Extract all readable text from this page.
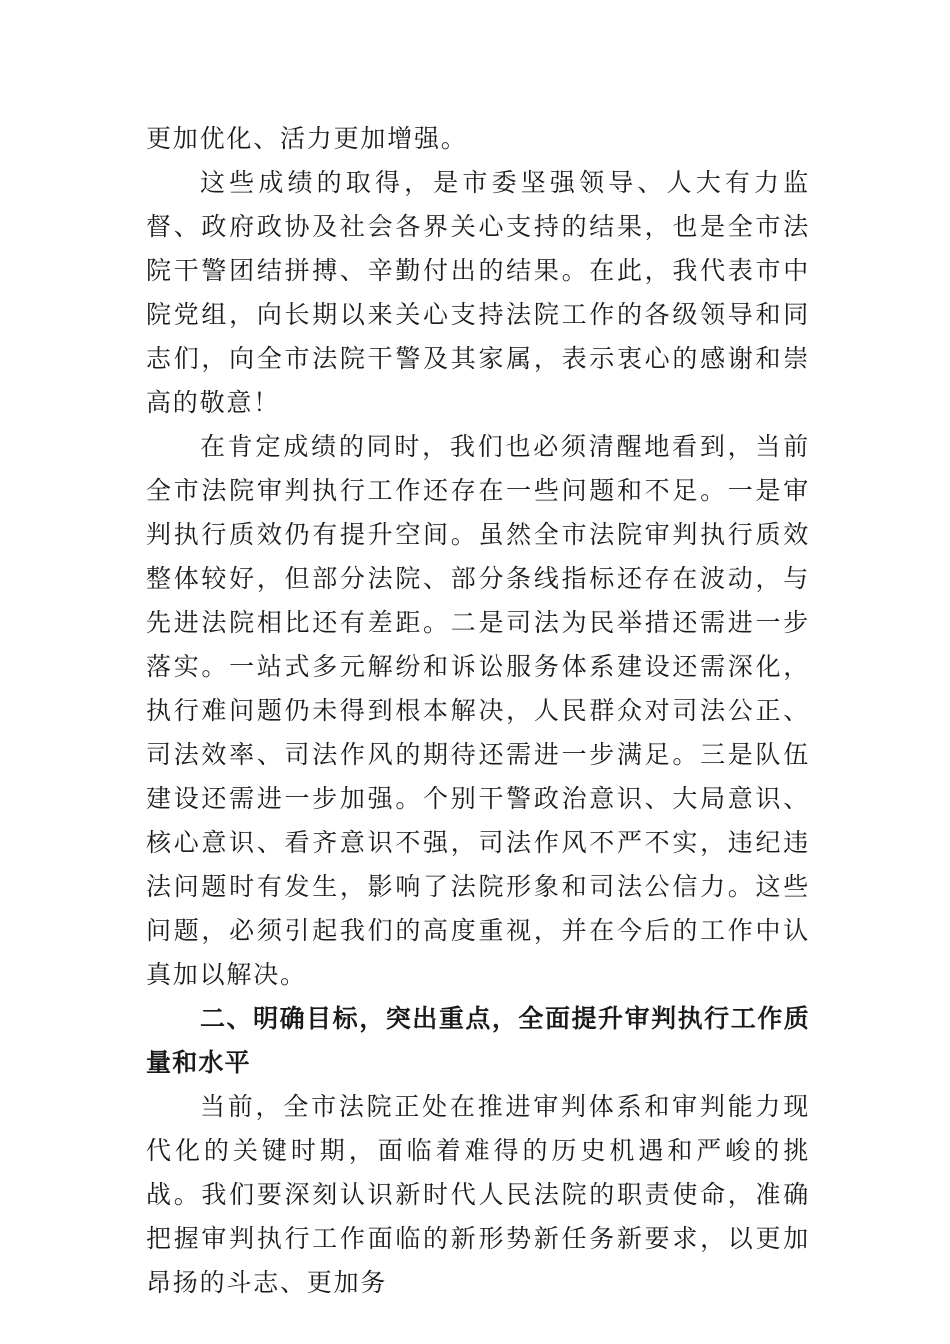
更加优化、活力更加增强。

这些成绩的取得，是市委坚强领导、人大有力监督、政府政协及社会各界关心支持的结果，也是全市法院干警团结拼搏、辛勤付出的结果。在此，我代表市中院党组，向长期以来关心支持法院工作的各级领导和同志们，向全市法院干警及其家属，表示衷心的感谢和崇高的敬意！

在肯定成绩的同时，我们也必须清醒地看到，当前全市法院审判执行工作还存在一些问题和不足。一是审判执行质效仍有提升空间。虽然全市法院审判执行质效整体较好，但部分法院、部分条线指标还存在波动，与先进法院相比还有差距。二是司法为民举措还需进一步落实。一站式多元解纷和诉讼服务体系建设还需深化，执行难问题仍未得到根本解决，人民群众对司法公正、司法效率、司法作风的期待还需进一步满足。三是队伍建设还需进一步加强。个别干警政治意识、大局意识、核心意识、看齐意识不强，司法作风不严不实，违纪违法问题时有发生，影响了法院形象和司法公信力。这些问题，必须引起我们的高度重视，并在今后的工作中认真加以解决。

二、明确目标，突出重点，全面提升审判执行工作质量和水平

当前，全市法院正处在推进审判体系和审判能力现代化的关键时期，面临着难得的历史机遇和严峻的挑战。我们要深刻认识新时代人民法院的职责使命，准确把握审判执行工作面临的新形势新任务新要求，以更加昂扬的斗志、更加务
